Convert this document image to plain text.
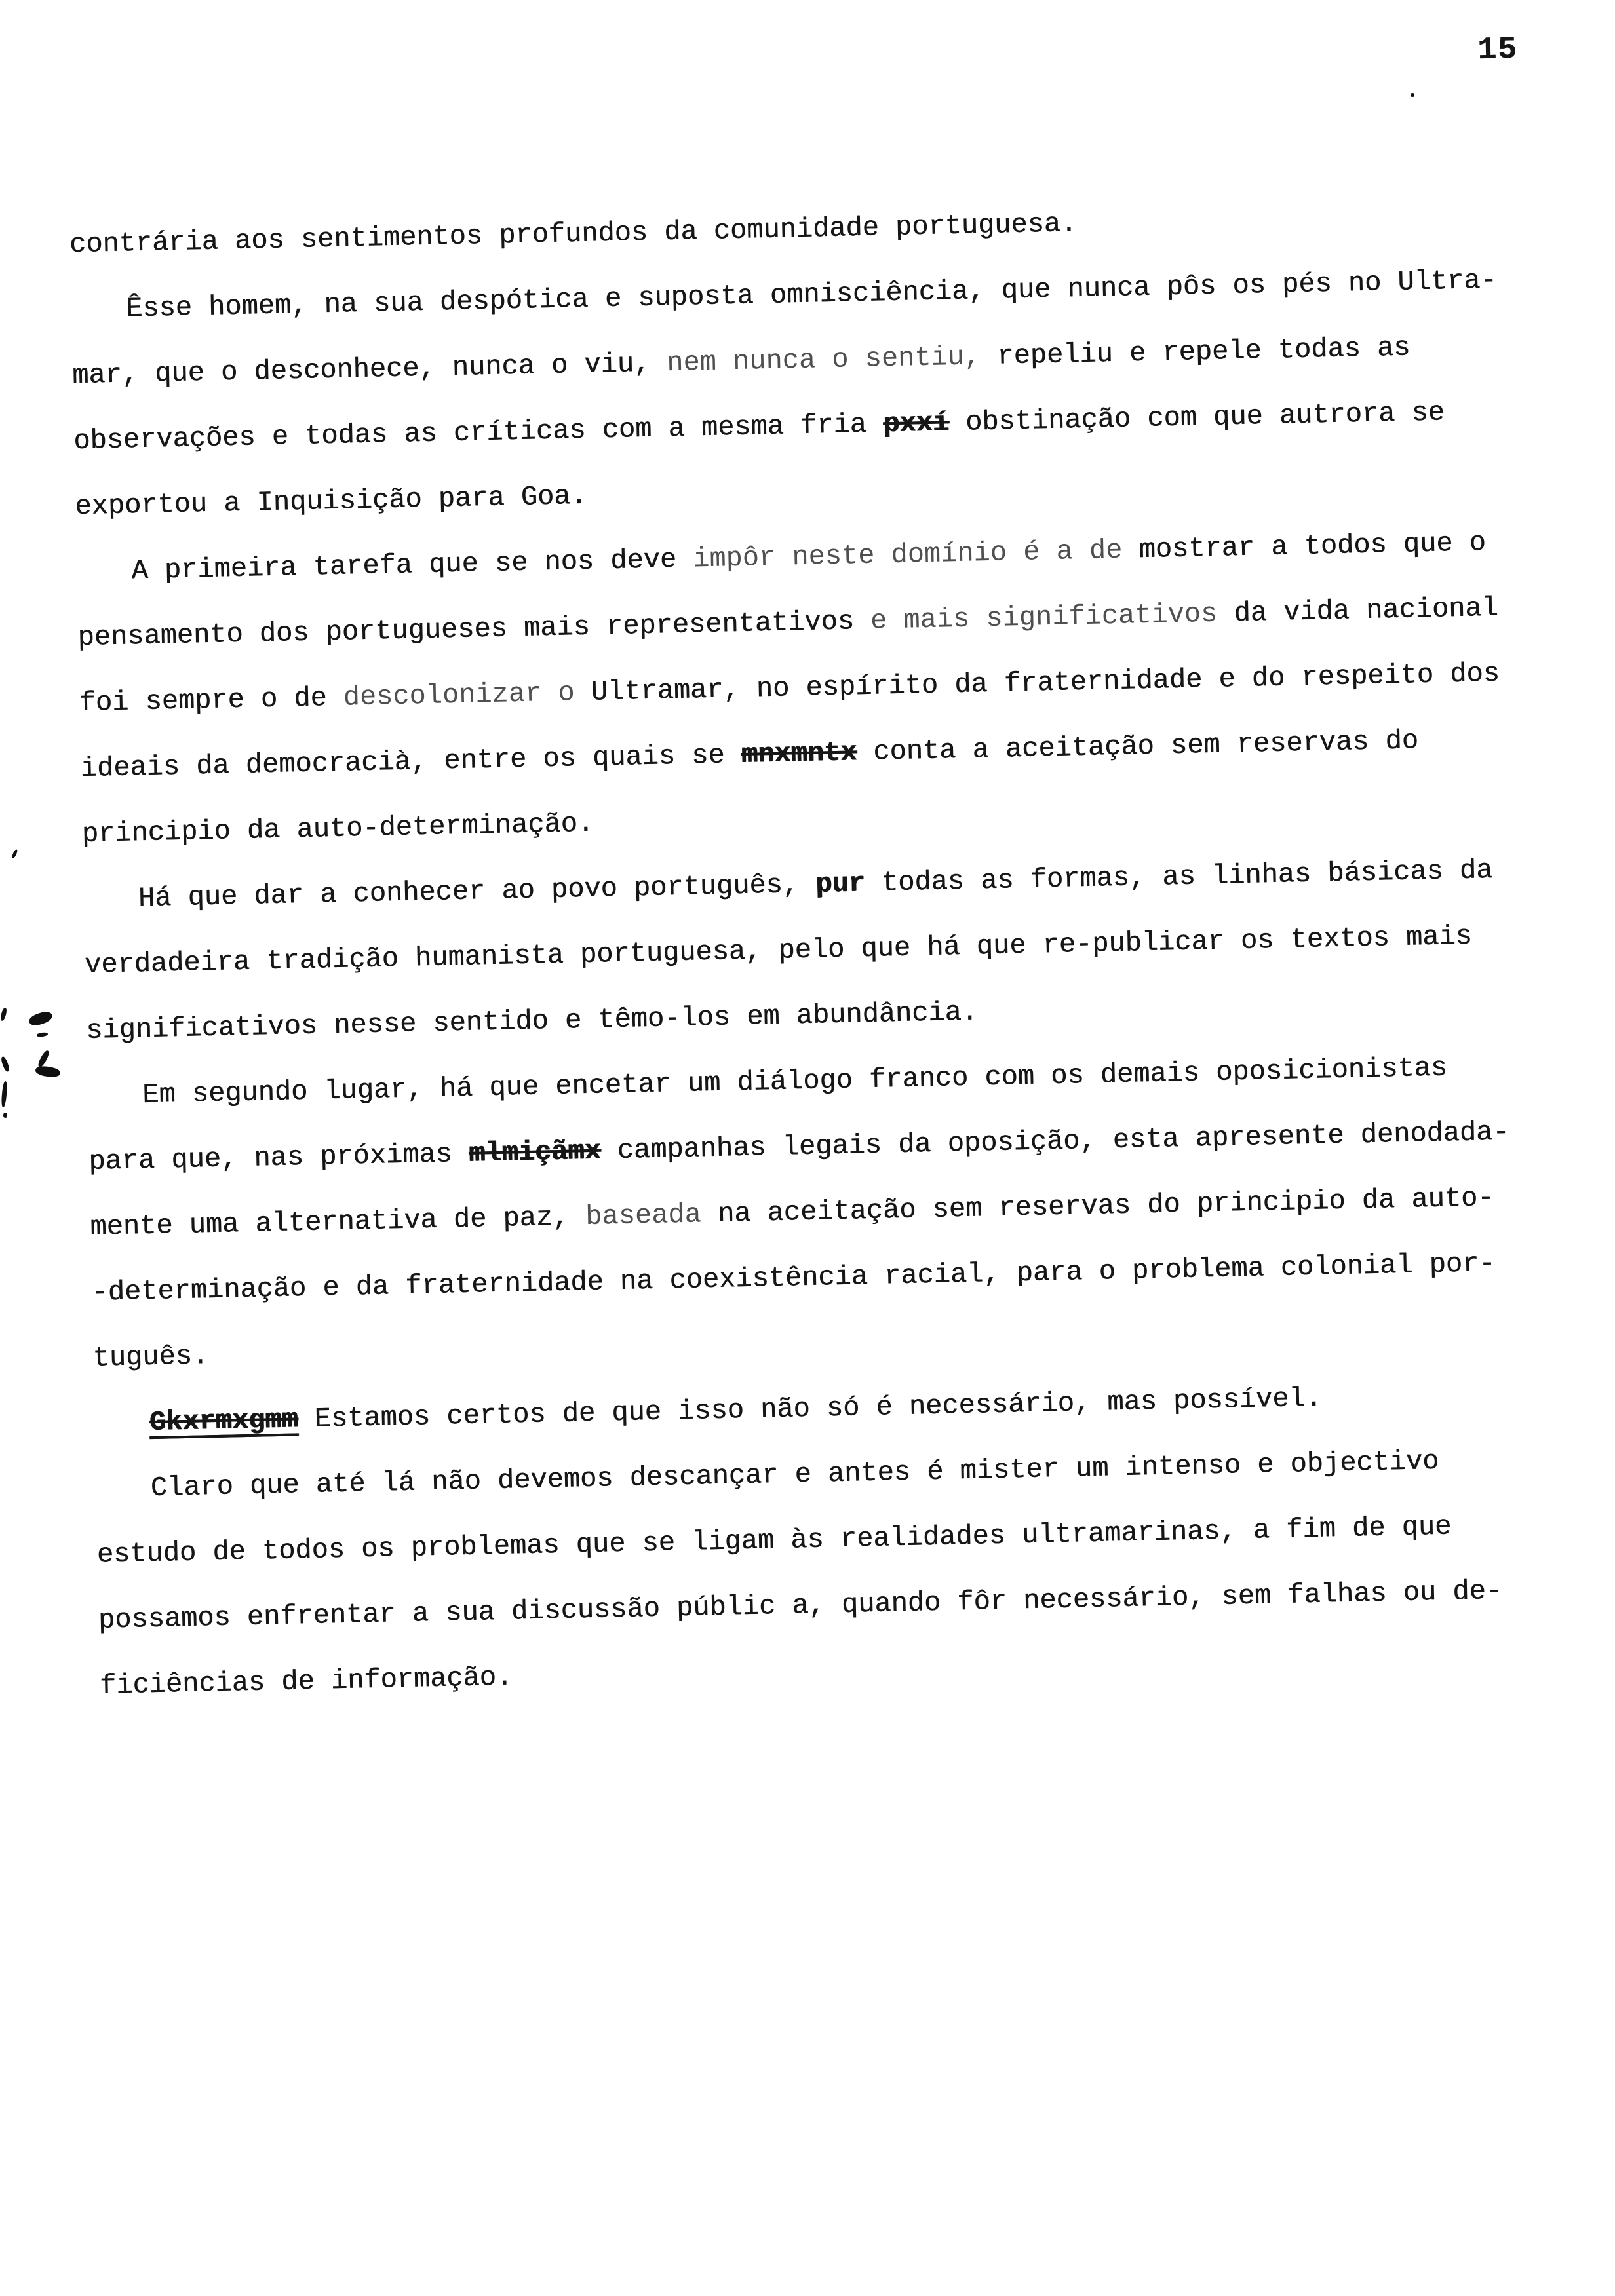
15
contrária aos sentimentos profundos da comunidade portuguesa.
Êsse homem, na sua despótica e suposta omnisciência, que nunca pôs os pés no Ultra-
mar, que o desconhece, nunca o viu, nem nunca o sentiu, repeliu e repele todas as
observações e todas as críticas com a mesma fria pxxí obstinação com que autrora se
exportou a Inquisição para Goa.
A primeira tarefa que se nos deve impôr neste domínio é a de mostrar a todos que o
pensamento dos portugueses mais representativos e mais significativos da vida nacional
foi sempre o de descolonizar o Ultramar, no espírito da fraternidade e do respeito dos
ideais da democracià, entre os quais se mnxmntx conta a aceitação sem reservas do
principio da auto-determinação.
Há que dar a conhecer ao povo português, pur todas as formas, as linhas básicas da
verdadeira tradição humanista portuguesa, pelo que há que re-publicar os textos mais
significativos nesse sentido e têmo-los em abundância.
Em segundo lugar, há que encetar um diálogo franco com os demais oposicionistas
para que, nas próximas mlmiçãmx campanhas legais da oposição, esta apresente denodada-
mente uma alternativa de paz, baseada na aceitação sem reservas do principio da auto-
-determinação e da fraternidade na coexistência racial, para o problema colonial por-
tuguês.
Gkxrmxgmm Estamos certos de que isso não só é necessário, mas possível.
Claro que até lá não devemos descançar e antes é mister um intenso e objectivo
estudo de todos os problemas que se ligam às realidades ultramarinas, a fim de que
possamos enfrentar a sua discussão públic a, quando fôr necessário, sem falhas ou de-
ficiências de informação.
